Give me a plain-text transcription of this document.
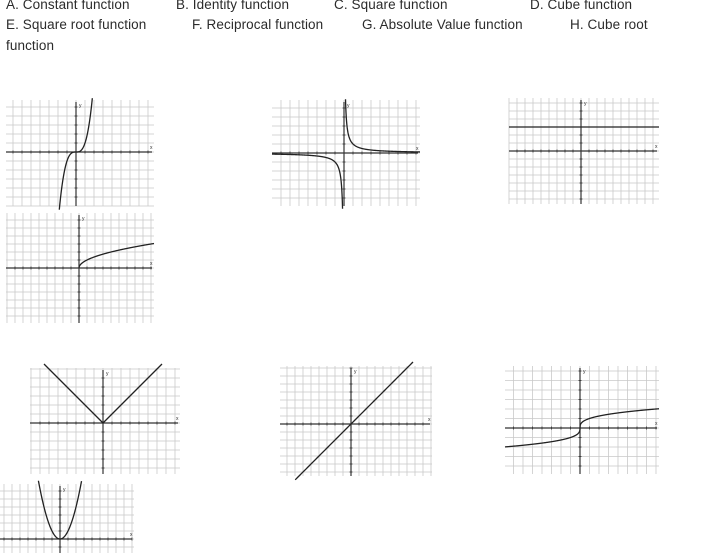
A. Constant function	B. Identity function	C. Square function	D. Cube function
E. Square root function	F. Reciprocal function	G. Absolute Value function	H. Cube root
function
x
y
x
y
x
y
x
y
x
y
x
y
x
y
x
y
